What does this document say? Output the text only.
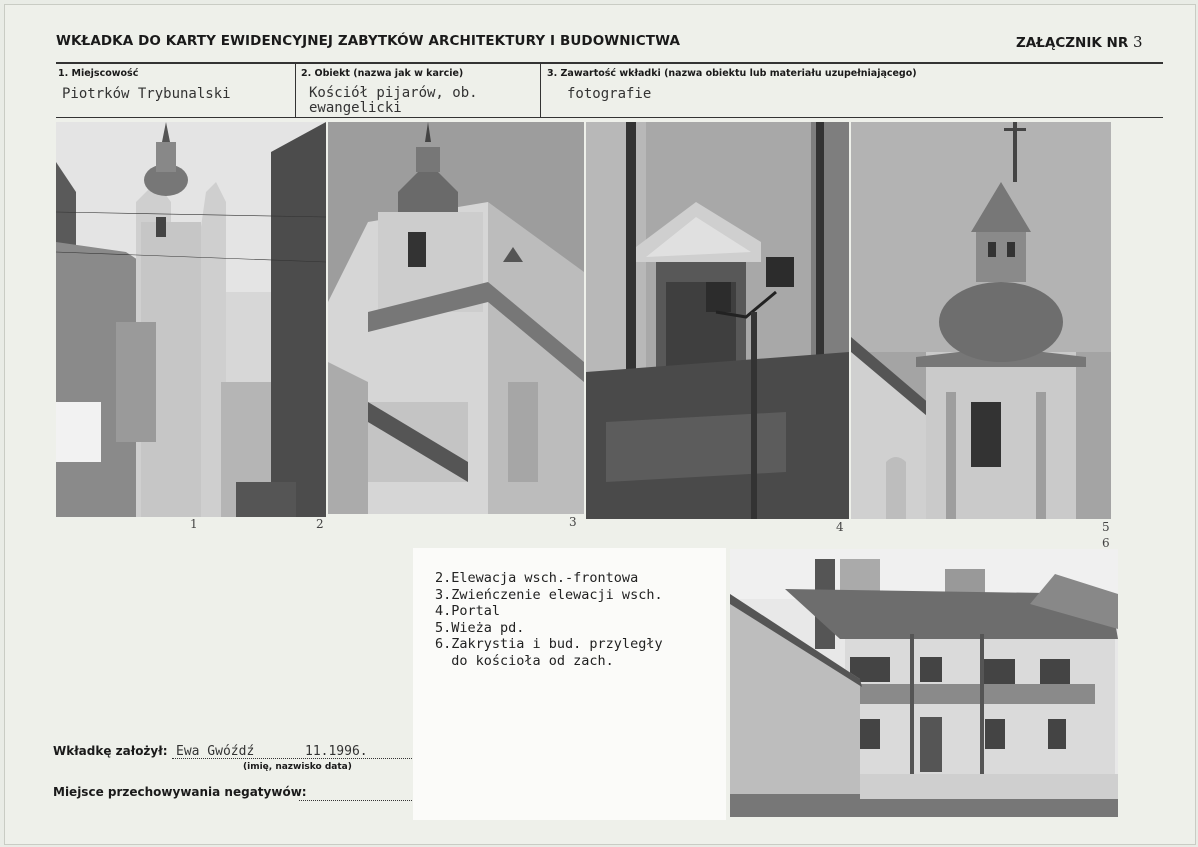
WKŁADKA DO KARTY EWIDENCYJNEJ ZABYTKÓW ARCHITEKTURY I BUDOWNICTWA	ZAŁĄCZNIK NR 3
1. Miejscowość
Piotrków Trybunalski
2. Obiekt (nazwa jak w karcie)
Kościół pijarów, ob.
ewangelicki
3. Zawartość wkładki (nazwa obiektu lub materiału uzupełniającego)
fotografie
1	2	3	4	5
6
2.Elewacja wsch.-frontowa
3.Zwieńczenie elewacji wsch.
4.Portal
5.Wieża pd.
6.Zakrystia i bud. przyległy
do kościoła od zach.
Wkładkę założył: Ewa Gwóźdź	11.1996.
(imię, nazwisko data)
Miejsce przechowywania negatywów:
